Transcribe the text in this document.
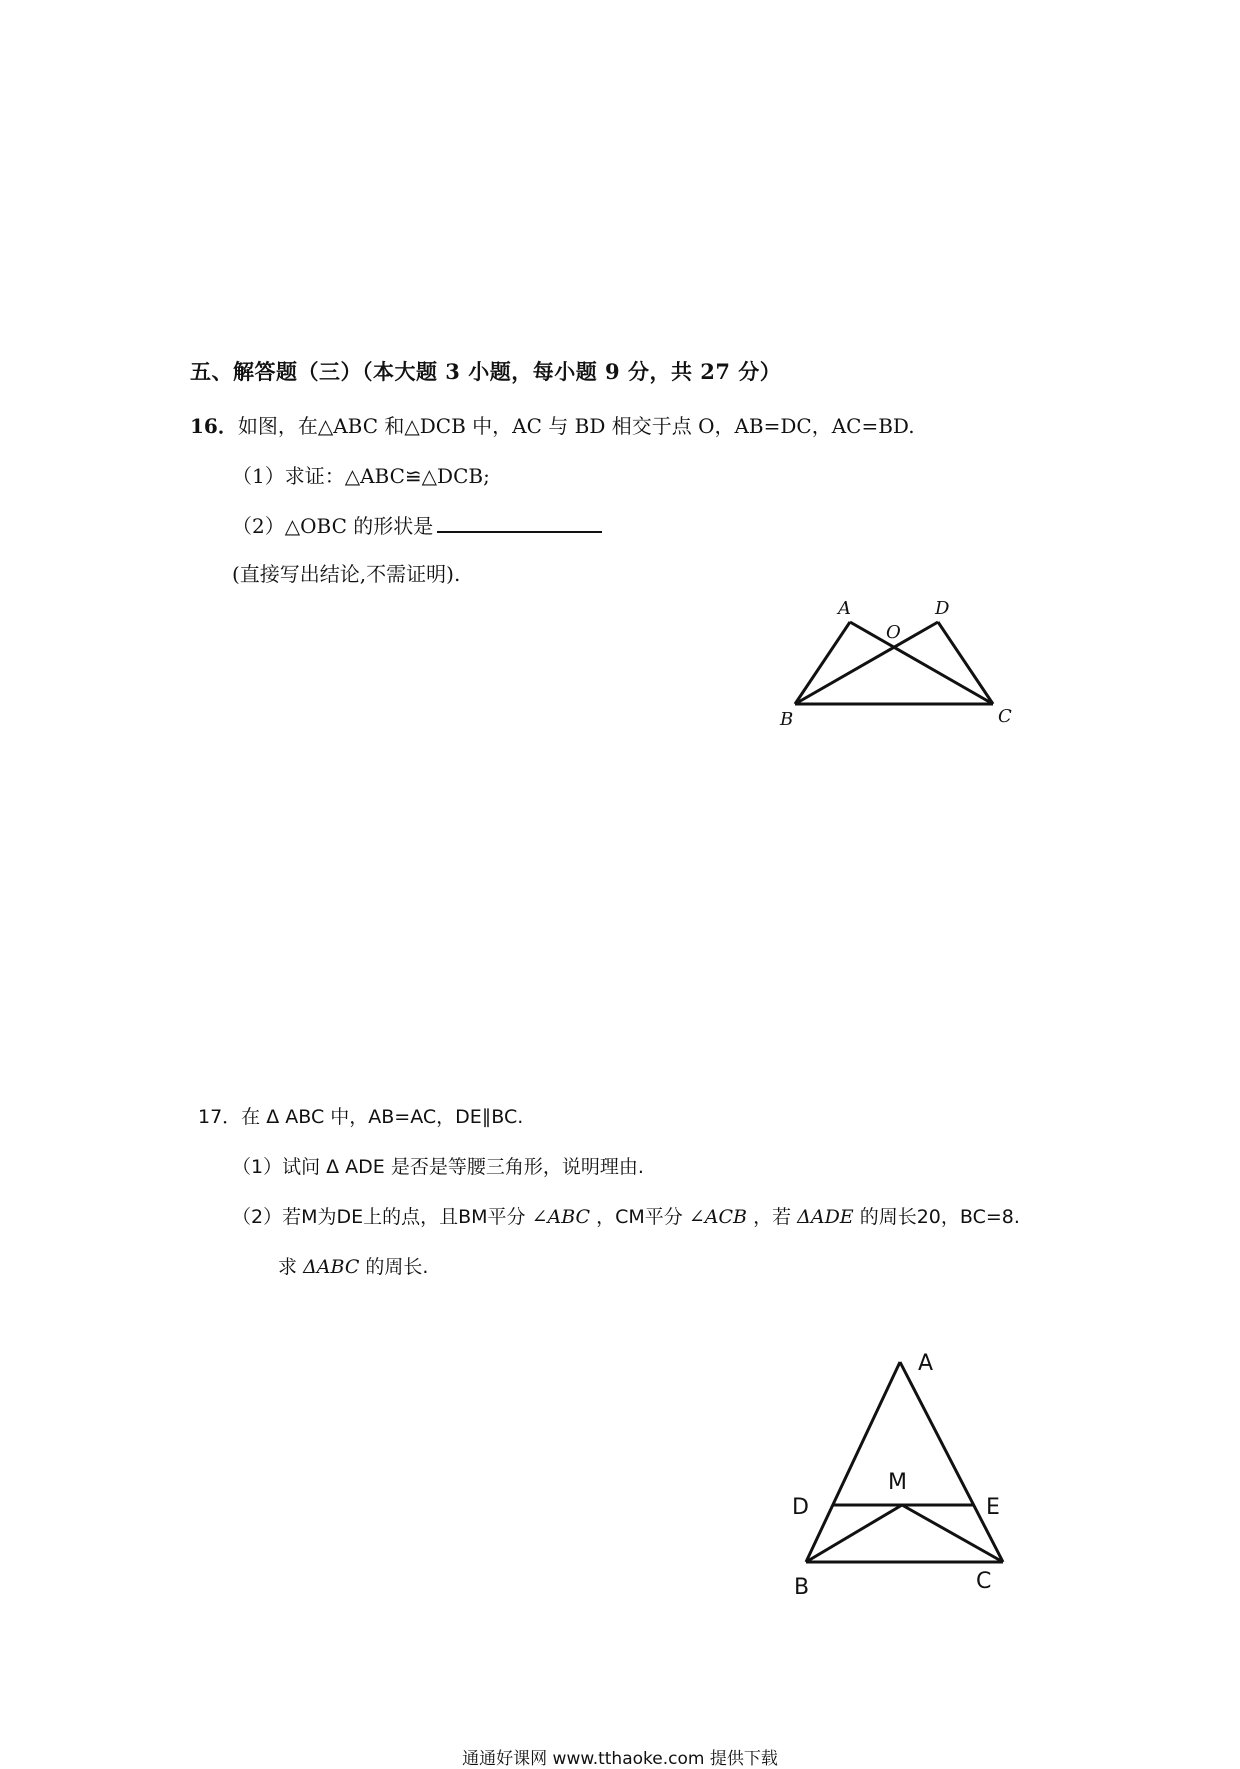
五、解答题（三）（本大题 3 小题，每小题 9 分，共 27 分）
16．如图，在△ABC 和△DCB 中，AC 与 BD 相交于点 O，AB=DC，AC=BD.
（1）求证：△ABC≌△DCB;
（2）△OBC 的形状是
(直接写出结论,不需证明).
A	D
O
B	C
17．在 Δ ABC 中，AB=AC，DE∥BC.
（1）试问 Δ ADE 是否是等腰三角形，说明理由.
（2）若M为DE上的点，且BM平分 ∠ABC ，CM平分 ∠ACB ，若 ΔADE 的周长20，BC=8.
求 ΔABC 的周长.
A
D
M
E
B	C
通通好课网 www.tthaoke.com 提供下载
